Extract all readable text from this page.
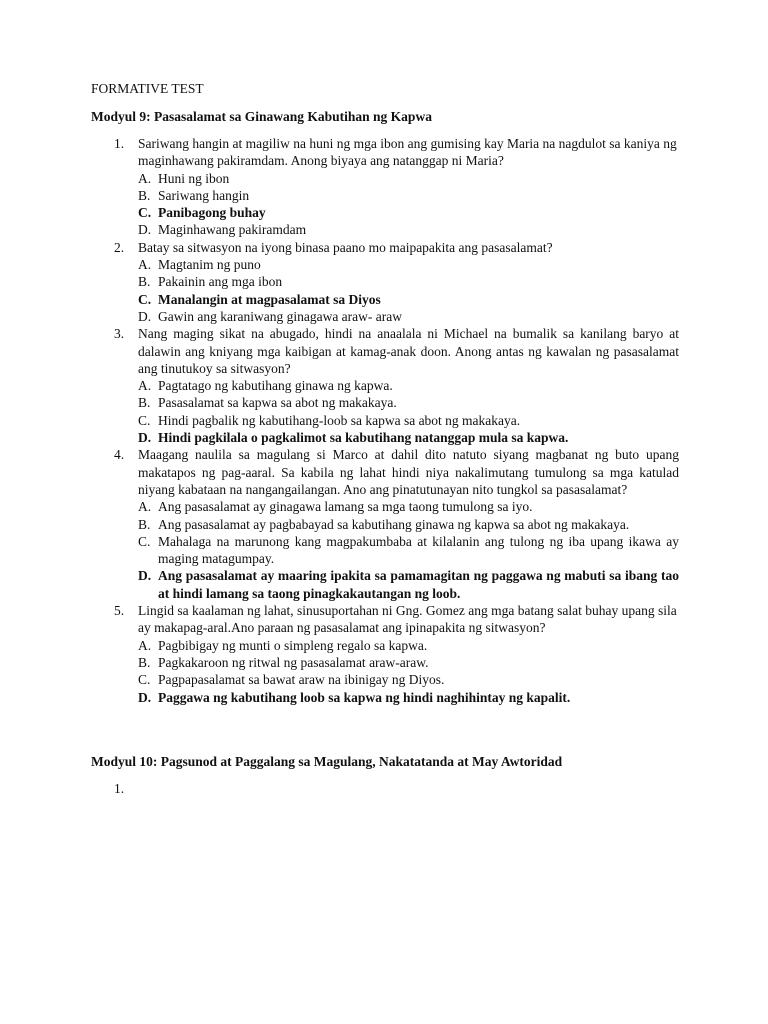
FORMATIVE TEST
Modyul 9: Pasasalamat sa Ginawang Kabutihan ng Kapwa
1. Sariwang hangin at magiliw na huni ng mga ibon ang gumising kay Maria na nagdulot sa kaniya ng maginhawang pakiramdam. Anong biyaya ang natanggap ni Maria?
A. Huni ng ibon
B. Sariwang hangin
C. Panibagong buhay
D. Maginhawang pakiramdam
2. Batay sa sitwasyon na iyong binasa paano mo maipapakita ang pasasalamat?
A. Magtanim ng puno
B. Pakainin ang mga ibon
C. Manalangin at magpasalamat sa Diyos
D. Gawin ang karaniwang ginagawa araw- araw
3. Nang maging sikat na abugado, hindi na anaalala ni Michael na bumalik sa kanilang baryo at dalawin ang kniyang mga kaibigan at kamag-anak doon. Anong antas ng kawalan ng pasasalamat ang tinutukoy sa sitwasyon?
A. Pagtatago ng kabutihang ginawa ng kapwa.
B. Pasasalamat sa kapwa sa abot ng makakaya.
C. Hindi pagbalik ng kabutihang-loob sa kapwa sa abot ng makakaya.
D. Hindi pagkilala o pagkalimot sa kabutihang natanggap mula sa kapwa.
4. Maagang naulila sa magulang si Marco at dahil dito natuto siyang magbanat ng buto upang makatapos ng pag-aaral. Sa kabila ng lahat hindi niya nakalimutang tumulong sa mga katulad niyang kabataan na nangangailangan. Ano ang pinatutunayan nito tungkol sa pasasalamat?
A. Ang pasasalamat ay ginagawa lamang sa mga taong tumulong sa iyo.
B. Ang pasasalamat ay pagbabayad sa kabutihang ginawa ng kapwa sa abot ng makakaya.
C. Mahalaga na marunong kang magpakumbaba at kilalanin ang tulong ng iba upang ikawa ay maging matagumpay.
D. Ang pasasalamat ay maaring ipakita sa pamamagitan ng paggawa ng mabuti sa ibang tao at hindi lamang sa taong pinagkakautangan ng loob.
5. Lingid sa kaalaman ng lahat, sinusuportahan ni Gng. Gomez ang mga batang salat buhay upang sila ay makapag-aral.Ano paraan ng pasasalamat ang ipinapakita ng sitwasyon?
A. Pagbibigay ng munti o simpleng regalo sa kapwa.
B. Pagkakaroon ng ritwal ng pasasalamat araw-araw.
C. Pagpapasalamat sa bawat araw na ibinigay ng Diyos.
D. Paggawa ng kabutihang loob sa kapwa ng hindi naghihintay ng kapalit.
Modyul 10: Pagsunod at Paggalang sa Magulang, Nakatatanda at May Awtoridad
1.
